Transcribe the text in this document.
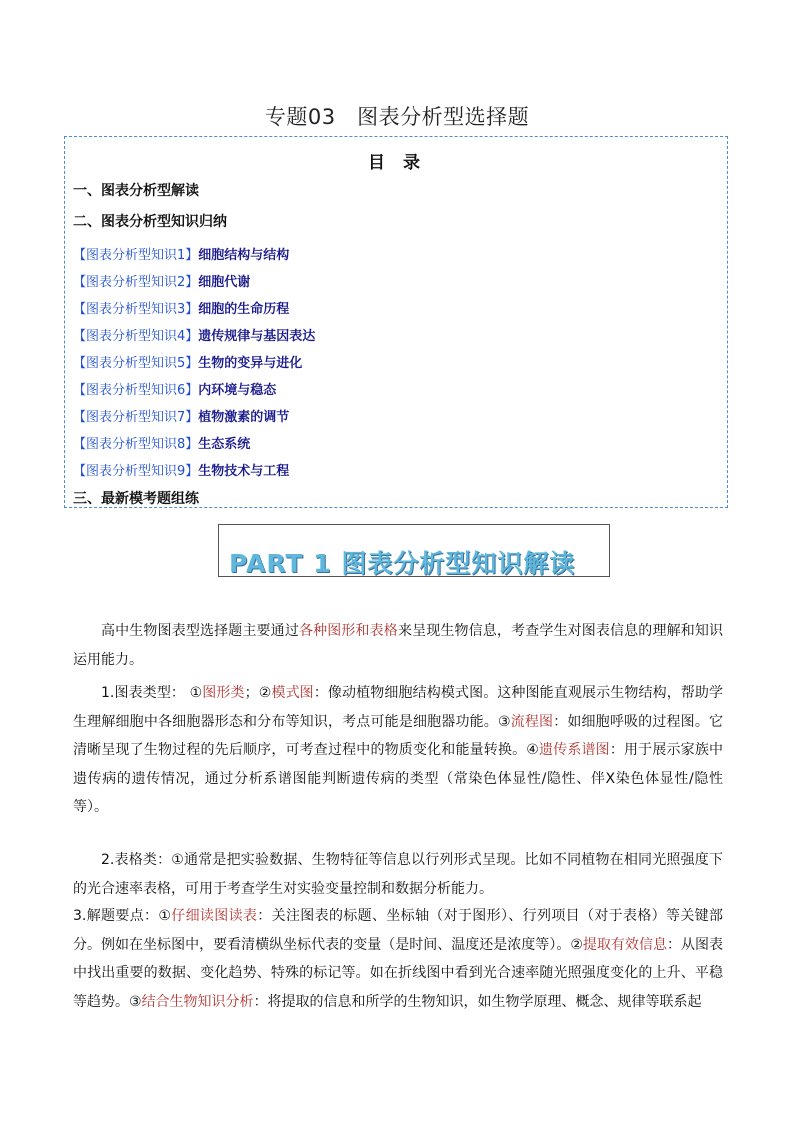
专题03　图表分析型选择题
目 录
一、图表分析型解读
二、图表分析型知识归纳
【图表分析型知识1】细胞结构与结构
【图表分析型知识2】细胞代谢
【图表分析型知识3】细胞的生命历程
【图表分析型知识4】遗传规律与基因表达
【图表分析型知识5】生物的变异与进化
【图表分析型知识6】内环境与稳态
【图表分析型知识7】植物激素的调节
【图表分析型知识8】生态系统
【图表分析型知识9】生物技术与工程
三、最新模考题组练
PART 1 图表分析型知识解读

高中生物图表型选择题主要通过各种图形和表格来呈现生物信息，考查学生对图表信息的理解和知识运用能力。

1.图表类型： ①图形类；②模式图：像动植物细胞结构模式图。这种图能直观展示生物结构，帮助学生理解细胞中各细胞器形态和分布等知识，考点可能是细胞器功能。③流程图：如细胞呼吸的过程图。它清晰呈现了生物过程的先后顺序，可考查过程中的物质变化和能量转换。④遗传系谱图：用于展示家族中遗传病的遗传情况，通过分析系谱图能判断遗传病的类型（常染色体显性/隐性、伴X染色体显性/隐性等）。

2.表格类：①通常是把实验数据、生物特征等信息以行列形式呈现。比如不同植物在相同光照强度下的光合速率表格，可用于考查学生对实验变量控制和数据分析能力。

3.解题要点：①仔细读图读表：关注图表的标题、坐标轴（对于图形）、行列项目（对于表格）等关键部分。例如在坐标图中，要看清横纵坐标代表的变量（是时间、温度还是浓度等）。②提取有效信息：从图表中找出重要的数据、变化趋势、特殊的标记等。如在折线图中看到光合速率随光照强度变化的上升、平稳等趋势。③结合生物知识分析：将提取的信息和所学的生物知识，如生物学原理、概念、规律等联系起
